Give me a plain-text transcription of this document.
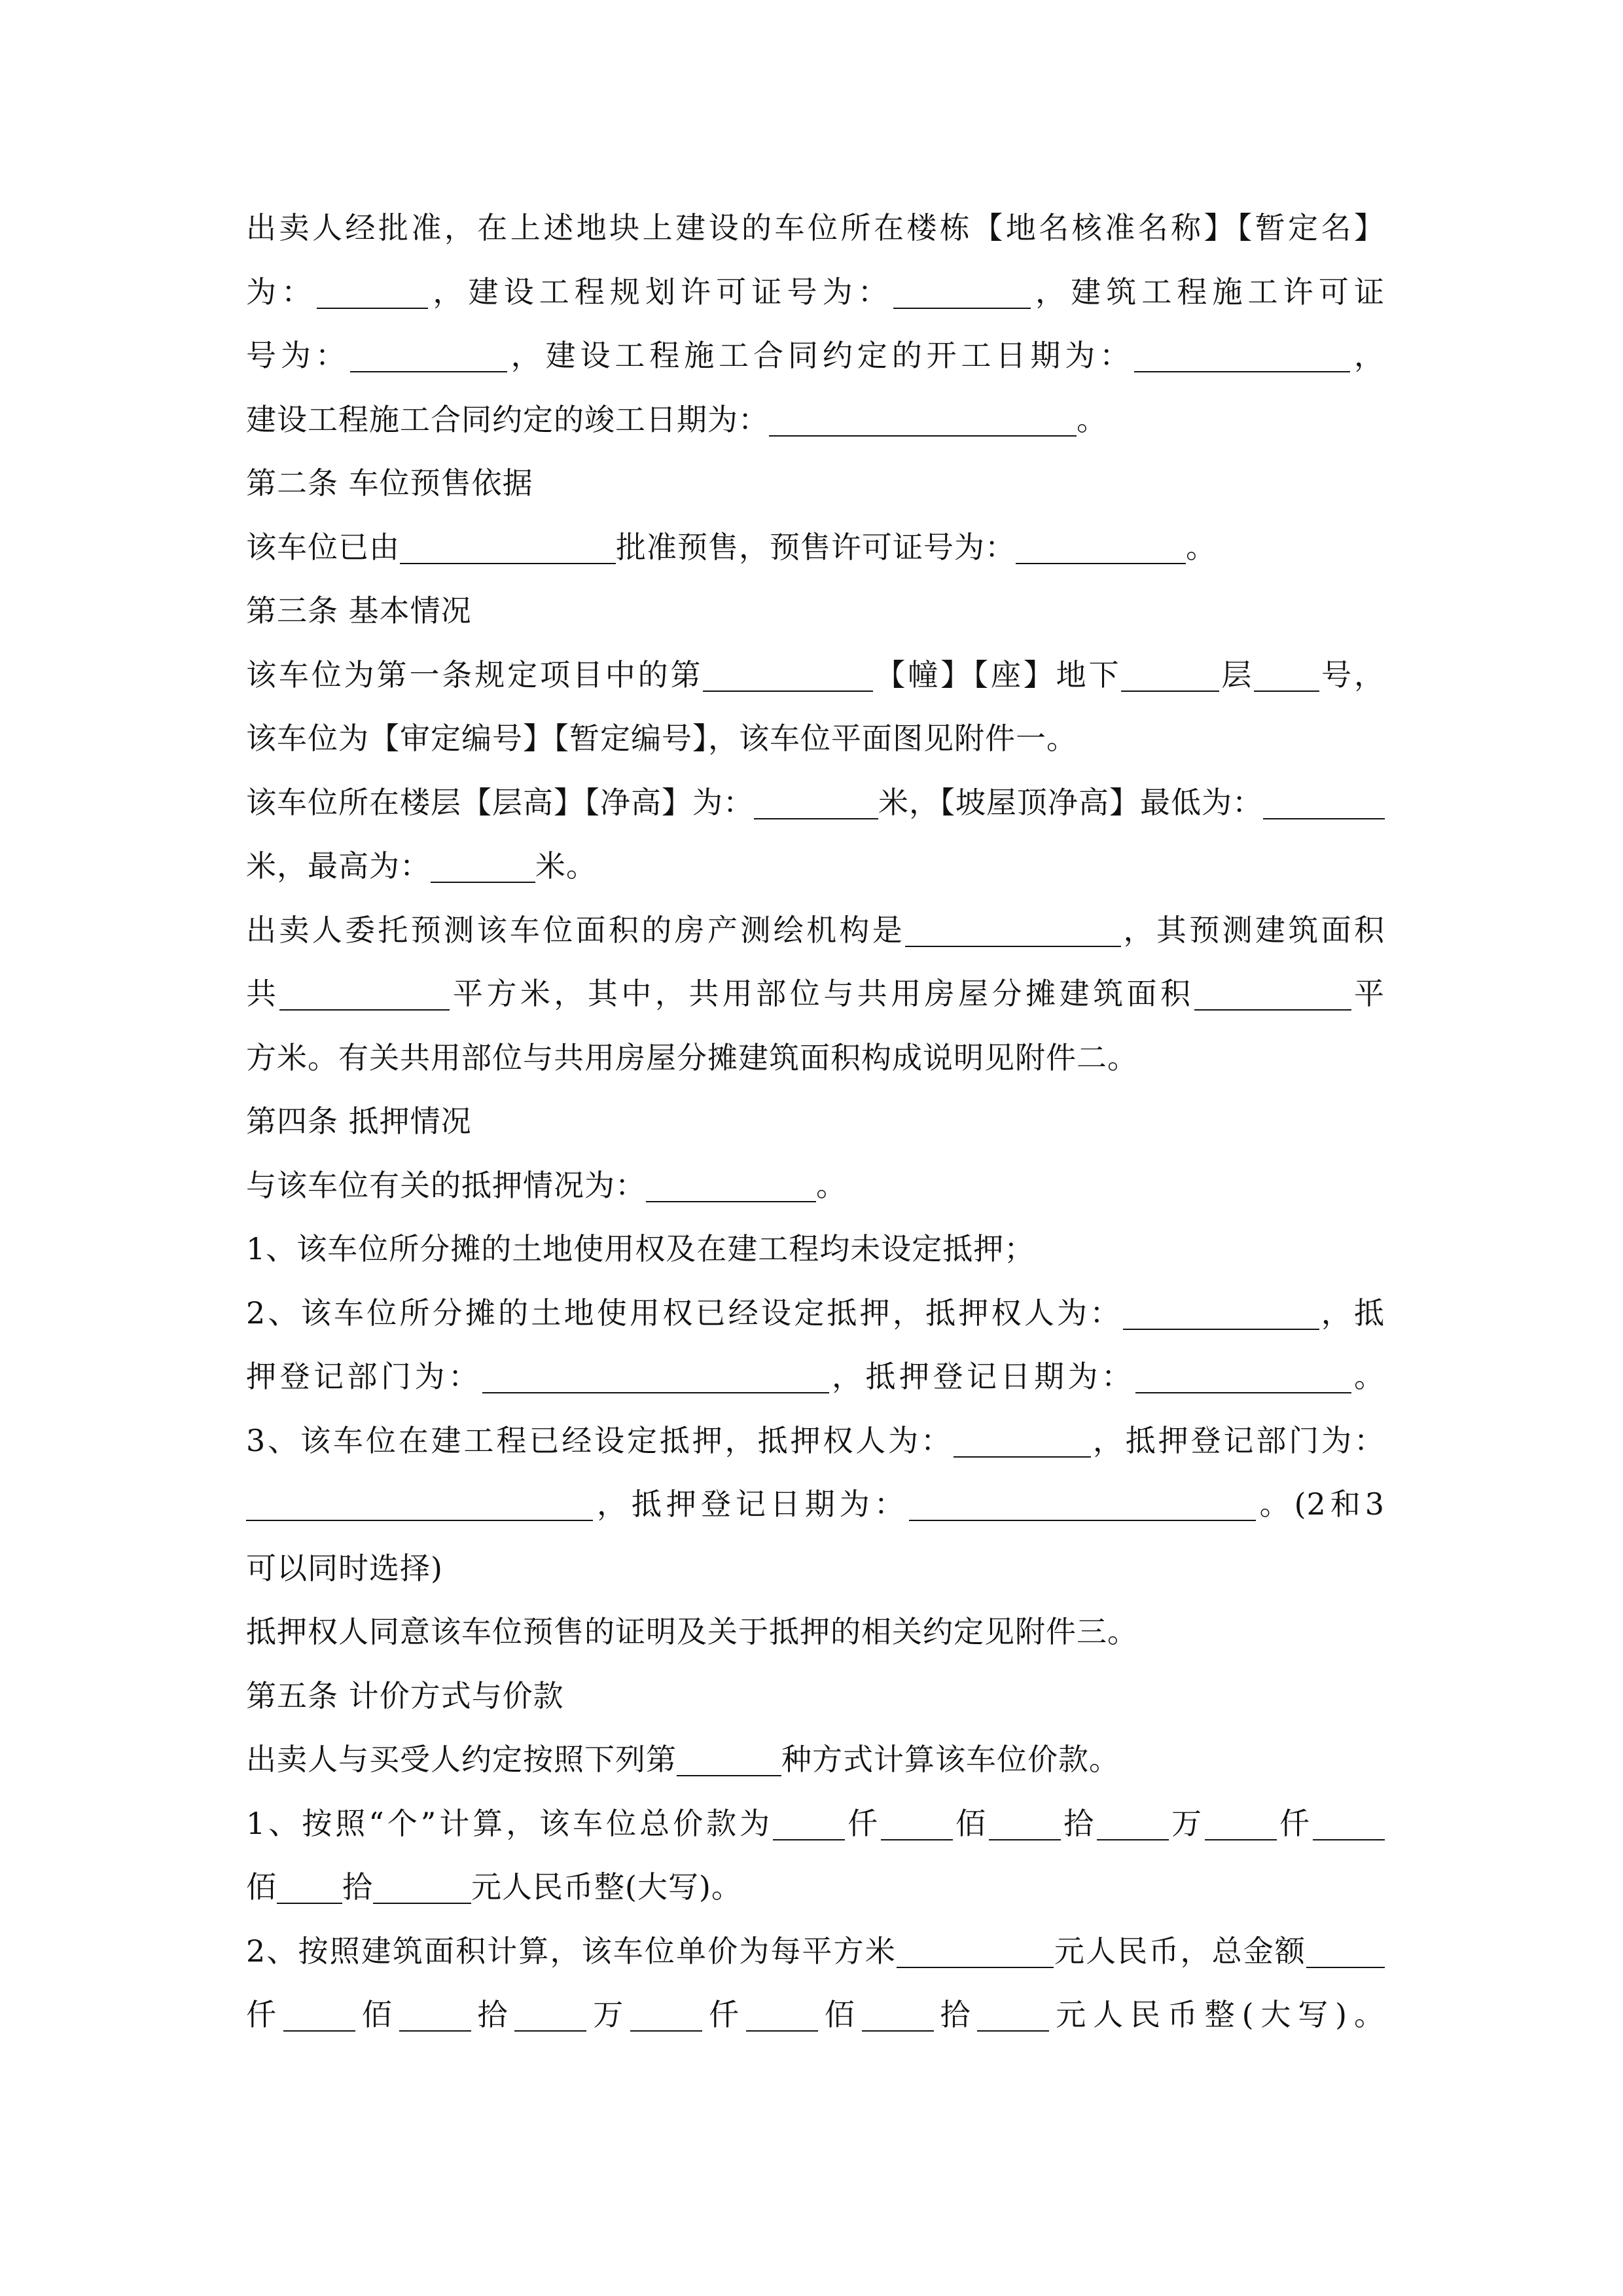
出卖人经批准，在上述地块上建设的车位所在楼栋【地名核准名称】【暂定名】
为：	，建设工程规划许可证号为：	，建筑工程施工许可证
号为：	，建设工程施工合同约定的开工日期为：	，
建设工程施工合同约定的竣工日期为：	。
第二条 车位预售依据
该车位已由	批准预售，预售许可证号为：	。
第三条 基本情况
该车位为第一条规定项目中的第	【幢】【座】地下	层 号，
该车位为【审定编号】【暂定编号】，该车位平面图见附件一。
该车位所在楼层【层高】【净高】为：	米，【坡屋顶净高】最低为：
米，最高为：	米。
出卖人委托预测该车位面积的房产测绘机构是	，其预测建筑面积
共	平方米，其中，共用部位与共用房屋分摊建筑面积	平
方米。有关共用部位与共用房屋分摊建筑面积构成说明见附件二。
第四条 抵押情况
与该车位有关的抵押情况为：	。
1、该车位所分摊的土地使用权及在建工程均未设定抵押；
2、该车位所分摊的土地使用权已经设定抵押，抵押权人为：	，抵
押登记部门为：	，抵押登记日期为：	。
3、该车位在建工程已经设定抵押，抵押权人为：	，抵押登记部门为：
，抵押登记日期为：	。(2和3
可以同时选择)
抵押权人同意该车位预售的证明及关于抵押的相关约定见附件三。
第五条 计价方式与价款
出卖人与买受人约定按照下列第	种方式计算该车位价款。
1、按照“个”计算，该车位总价款为 仟 佰 拾 万 仟
佰 拾	元人民币整(大写)。
2、按照建筑面积计算，该车位单价为每平方米	元人民币，总金额
仟 佰 拾 万 仟 佰 拾 元人民币整(大写)。
